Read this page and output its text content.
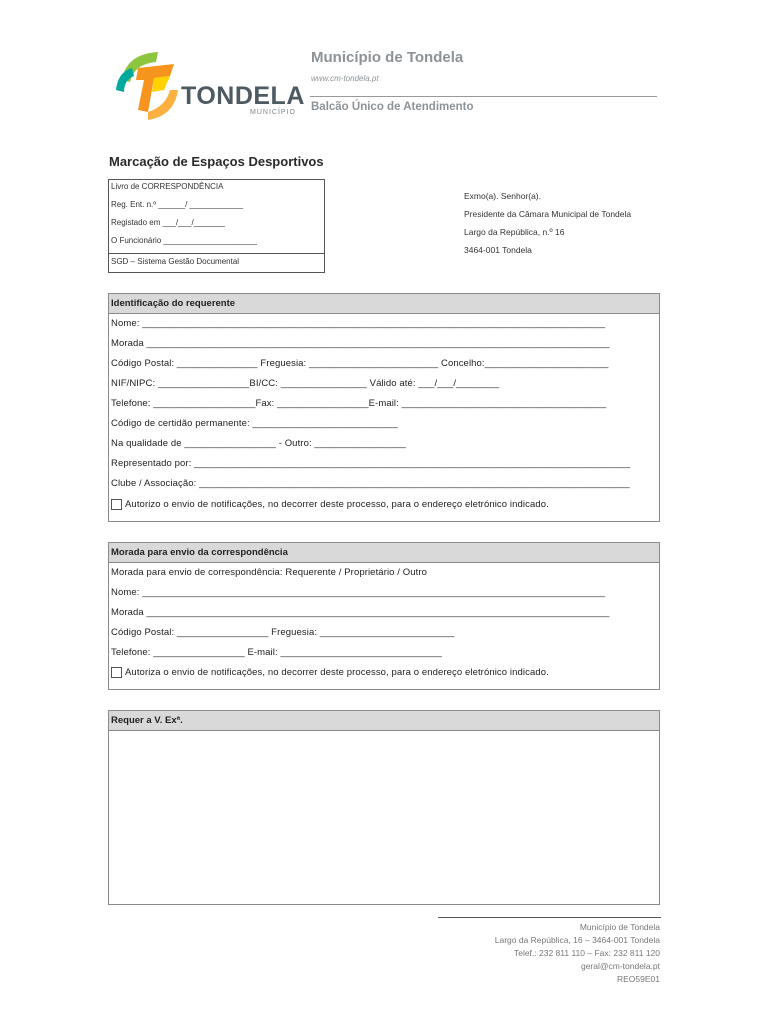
TONDELA
MUNICÍPIO
Município de Tondela
www.cm-tondela.pt
Balcão Único de Atendimento
Marcação de Espaços Desportivos
Livro de CORRESPONDÊNCIA
Reg. Ent. n.º ______/ ____________
Registado em ___/___/_______
O Funcionário _____________________
SGD – Sistema Gestão Documental
Exmo(a). Senhor(a).
Presidente da Câmara Municipal de Tondela
Largo da República, n.º 16
3464-001 Tondela
Identificação do requerente
Nome: ______________________________________________________________________________________
Morada ______________________________________________________________________________________
Código Postal: _______________ Freguesia: ________________________ Concelho:_______________________
NIF/NIPC: _________________BI/CC: ________________ Válido até: ___/___/________
Telefone: ___________________Fax: _________________E-mail: ______________________________________
Código de certidão permanente: ___________________________
Na qualidade de _________________ - Outro: _________________
Representado por: _________________________________________________________________________________
Clube / Associação: ________________________________________________________________________________
Autorizo o envio de notificações, no decorrer deste processo, para o endereço eletrónico indicado.
Morada para envio da correspondência
Morada para envio de correspondência: Requerente / Proprietário / Outro
Nome: ______________________________________________________________________________________
Morada ______________________________________________________________________________________
Código Postal: _________________ Freguesia: _________________________
Telefone: _________________ E-mail: ______________________________
Autoriza o envio de notificações, no decorrer deste processo, para o endereço eletrónico indicado.
Requer a V. Exª.
Município de Tondela
Largo da República, 16 – 3464-001 Tondela
Telef.: 232 811 110 – Fax: 232 811 120
geral@cm-tondela.pt
REO59E01
